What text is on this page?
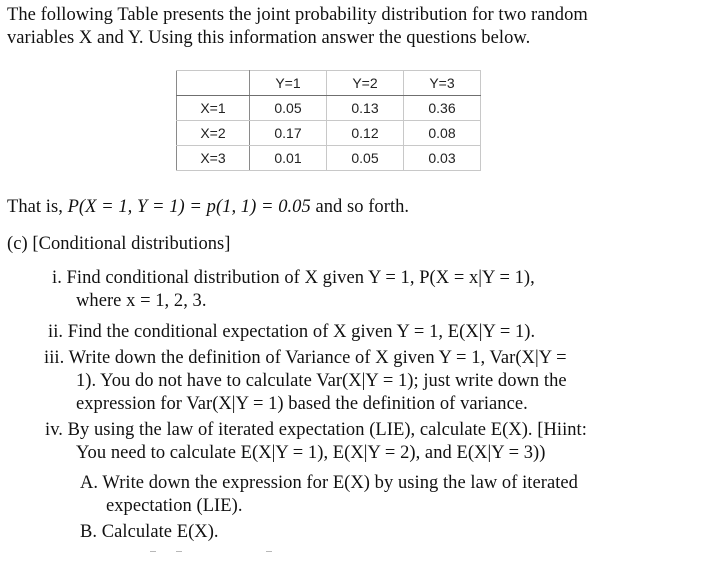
The following Table presents the joint probability distribution for two random
variables X and Y. Using this information answer the questions below.
	Y=1	Y=2	Y=3
X=1	0.05	0.13	0.36
X=2	0.17	0.12	0.08
X=3	0.01	0.05	0.03
That is, P(X = 1, Y = 1) = p(1, 1) = 0.05 and so forth.
(c) [Conditional distributions]
i. Find conditional distribution of X given Y = 1, P(X = x|Y = 1),
where x = 1, 2, 3.
ii. Find the conditional expectation of X given Y = 1, E(X|Y = 1).
iii. Write down the definition of Variance of X given Y = 1, Var(X|Y =
1). You do not have to calculate Var(X|Y = 1); just write down the
expression for Var(X|Y = 1) based the definition of variance.
iv. By using the law of iterated expectation (LIE), calculate E(X). [Hiint:
You need to calculate E(X|Y = 1), E(X|Y = 2), and E(X|Y = 3))
A. Write down the expression for E(X) by using the law of iterated
expectation (LIE).
B. Calculate E(X).
